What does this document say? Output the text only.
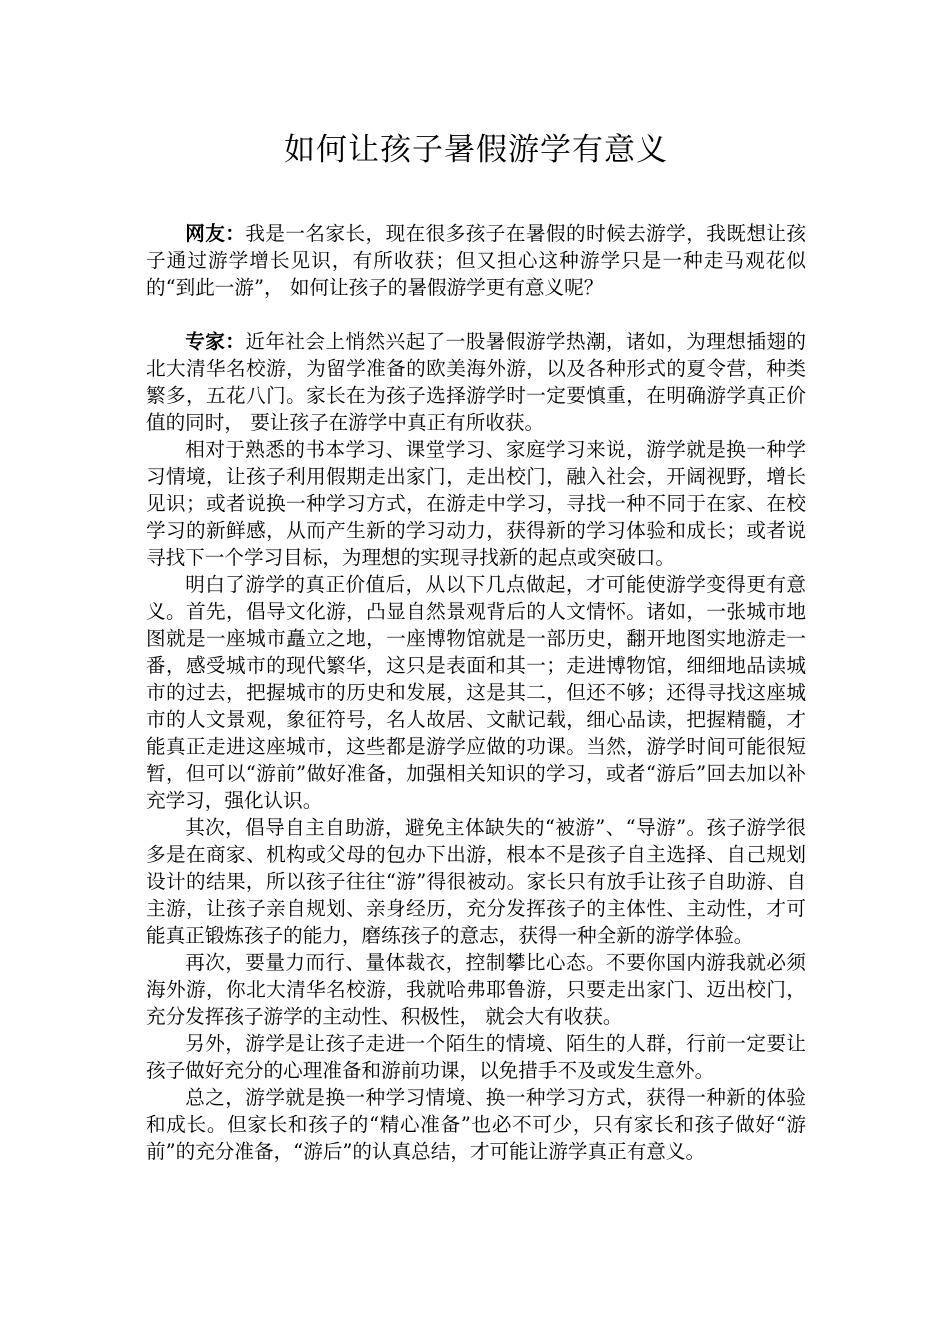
如何让孩子暑假游学有意义

网友：我是一名家长，现在很多孩子在暑假的时候去游学，我既想让孩子通过游学增长见识，有所收获；但又担心这种游学只是一种走马观花似的“到此一游”， 如何让孩子的暑假游学更有意义呢？

专家：近年社会上悄然兴起了一股暑假游学热潮，诸如，为理想插翅的北大清华名校游，为留学准备的欧美海外游，以及各种形式的夏令营，种类繁多，五花八门。家长在为孩子选择游学时一定要慎重，在明确游学真正价值的同时， 要让孩子在游学中真正有所收获。

相对于熟悉的书本学习、课堂学习、家庭学习来说，游学就是换一种学习情境，让孩子利用假期走出家门，走出校门，融入社会，开阔视野，增长见识；或者说换一种学习方式，在游走中学习，寻找一种不同于在家、在校学习的新鲜感，从而产生新的学习动力，获得新的学习体验和成长；或者说寻找下一个学习目标，为理想的实现寻找新的起点或突破口。

明白了游学的真正价值后，从以下几点做起，才可能使游学变得更有意义。首先，倡导文化游，凸显自然景观背后的人文情怀。诸如，一张城市地图就是一座城市矗立之地，一座博物馆就是一部历史，翻开地图实地游走一番，感受城市的现代繁华，这只是表面和其一；走进博物馆，细细地品读城市的过去，把握城市的历史和发展，这是其二，但还不够；还得寻找这座城市的人文景观，象征符号，名人故居、文献记载，细心品读，把握精髓，才能真正走进这座城市，这些都是游学应做的功课。当然，游学时间可能很短暂，但可以“游前”做好准备，加强相关知识的学习，或者“游后”回去加以补充学习，强化认识。

其次，倡导自主自助游，避免主体缺失的“被游”、“导游”。孩子游学很多是在商家、机构或父母的包办下出游，根本不是孩子自主选择、自己规划设计的结果，所以孩子往往“游”得很被动。家长只有放手让孩子自助游、自主游，让孩子亲自规划、亲身经历，充分发挥孩子的主体性、主动性，才可能真正锻炼孩子的能力，磨练孩子的意志，获得一种全新的游学体验。

再次，要量力而行、量体裁衣，控制攀比心态。不要你国内游我就必须海外游，你北大清华名校游，我就哈弗耶鲁游，只要走出家门、迈出校门， 充分发挥孩子游学的主动性、积极性， 就会大有收获。

另外，游学是让孩子走进一个陌生的情境、陌生的人群，行前一定要让孩子做好充分的心理准备和游前功课，以免措手不及或发生意外。

总之，游学就是换一种学习情境、换一种学习方式，获得一种新的体验和成长。但家长和孩子的“精心准备”也必不可少，只有家长和孩子做好“游前”的充分准备，“游后”的认真总结，才可能让游学真正有意义。
